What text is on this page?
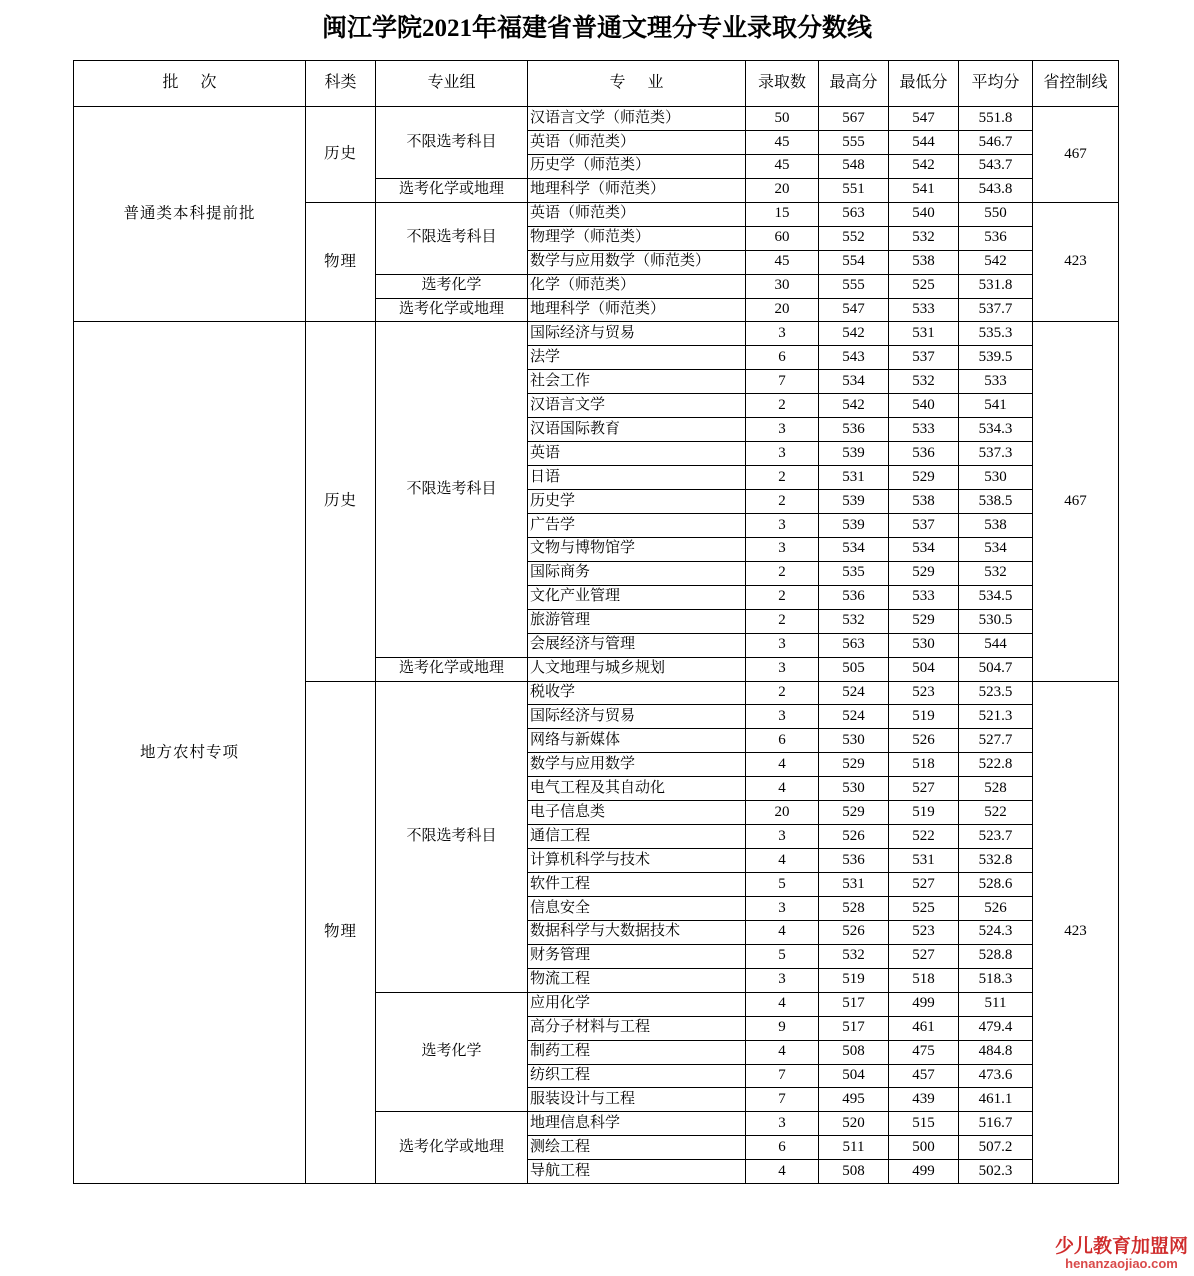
闽江学院2021年福建省普通文理分专业录取分数线
批 次	科类	专业组	专 业	录取数	最高分	最低分	平均分	省控制线
普通类本科提前批	历史	不限选考科目	汉语言文学（师范类）	50	567	547	551.8	467
			英语（师范类）	45	555	544	546.7	
			历史学（师范类）	45	548	542	543.7	
		选考化学或地理	地理科学（师范类）	20	551	541	543.8	
	物理	不限选考科目	英语（师范类）	15	563	540	550	423
			物理学（师范类）	60	552	532	536	
			数学与应用数学（师范类）	45	554	538	542	
		选考化学	化学（师范类）	30	555	525	531.8	
		选考化学或地理	地理科学（师范类）	20	547	533	537.7	
地方农村专项	历史	不限选考科目	国际经济与贸易	3	542	531	535.3	467
			法学	6	543	537	539.5	
			社会工作	7	534	532	533	
			汉语言文学	2	542	540	541	
			汉语国际教育	3	536	533	534.3	
			英语	3	539	536	537.3	
			日语	2	531	529	530	
			历史学	2	539	538	538.5	
			广告学	3	539	537	538	
			文物与博物馆学	3	534	534	534	
			国际商务	2	535	529	532	
			文化产业管理	2	536	533	534.5	
			旅游管理	2	532	529	530.5	
			会展经济与管理	3	563	530	544	
		选考化学或地理	人文地理与城乡规划	3	505	504	504.7	
	物理	不限选考科目	税收学	2	524	523	523.5	423
			国际经济与贸易	3	524	519	521.3	
			网络与新媒体	6	530	526	527.7	
			数学与应用数学	4	529	518	522.8	
			电气工程及其自动化	4	530	527	528	
			电子信息类	20	529	519	522	
			通信工程	3	526	522	523.7	
			计算机科学与技术	4	536	531	532.8	
			软件工程	5	531	527	528.6	
			信息安全	3	528	525	526	
			数据科学与大数据技术	4	526	523	524.3	
			财务管理	5	532	527	528.8	
			物流工程	3	519	518	518.3	
		选考化学	应用化学	4	517	499	511	
			高分子材料与工程	9	517	461	479.4	
			制药工程	4	508	475	484.8	
			纺织工程	7	504	457	473.6	
			服装设计与工程	7	495	439	461.1	
		选考化学或地理	地理信息科学	3	520	515	516.7	
			测绘工程	6	511	500	507.2	
			导航工程	4	508	499	502.3	
少儿教育加盟网
henanzaojiao.com
